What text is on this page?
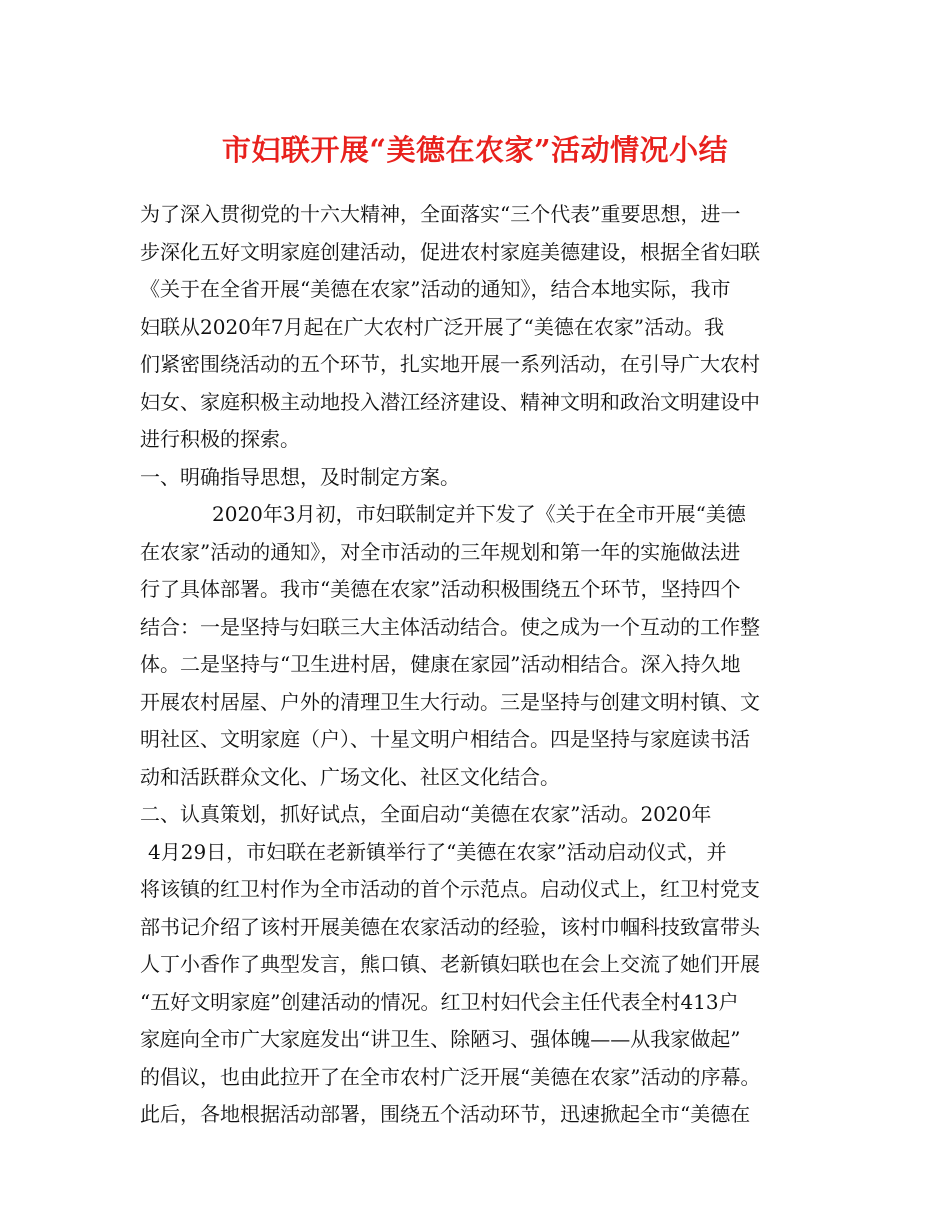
市妇联开展“美德在农家”活动情况小结
为了深入贯彻党的十六大精神，全面落实“三个代表”重要思想，进一
步深化五好文明家庭创建活动，促进农村家庭美德建设，根据全省妇联
《关于在全省开展“美德在农家”活动的通知》，结合本地实际，我市
妇联从2020年7月起在广大农村广泛开展了“美德在农家”活动。我
们紧密围绕活动的五个环节，扎实地开展一系列活动，在引导广大农村
妇女、家庭积极主动地投入潜江经济建设、精神文明和政治文明建设中
进行积极的探索。
一、明确指导思想，及时制定方案。
2020年3月初，市妇联制定并下发了《关于在全市开展“美德
在农家”活动的通知》，对全市活动的三年规划和第一年的实施做法进
行了具体部署。我市“美德在农家”活动积极围绕五个环节，坚持四个
结合：一是坚持与妇联三大主体活动结合。使之成为一个互动的工作整
体。二是坚持与“卫生进村居，健康在家园”活动相结合。深入持久地
开展农村居屋、户外的清理卫生大行动。三是坚持与创建文明村镇、文
明社区、文明家庭（户）、十星文明户相结合。四是坚持与家庭读书活
动和活跃群众文化、广场文化、社区文化结合。
二、认真策划，抓好试点，全面启动“美德在农家”活动。2020年
4月29日，市妇联在老新镇举行了“美德在农家”活动启动仪式，并
将该镇的红卫村作为全市活动的首个示范点。启动仪式上，红卫村党支
部书记介绍了该村开展美德在农家活动的经验，该村巾帼科技致富带头
人丁小香作了典型发言，熊口镇、老新镇妇联也在会上交流了她们开展
“五好文明家庭”创建活动的情况。红卫村妇代会主任代表全村413户
家庭向全市广大家庭发出“讲卫生、除陋习、强体魄——从我家做起”
的倡议，也由此拉开了在全市农村广泛开展“美德在农家”活动的序幕。
此后，各地根据活动部署，围绕五个活动环节，迅速掀起全市“美德在
